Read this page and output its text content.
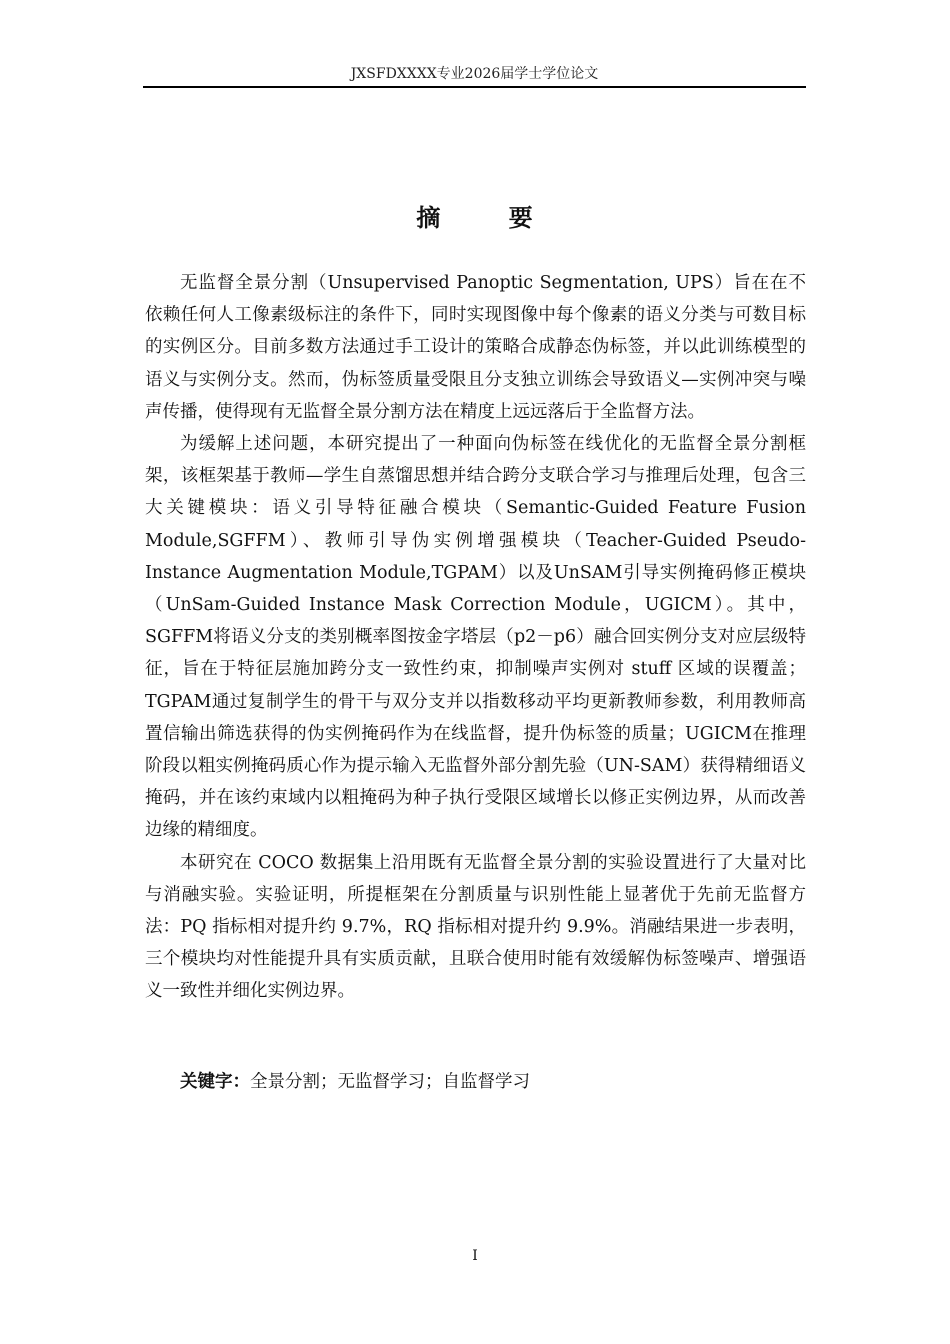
JXSFDXXXX专业2026届学士学位论文
摘 要

无监督全景分割（Unsupervised Panoptic Segmentation, UPS）旨在在不依赖任何人工像素级标注的条件下，同时实现图像中每个像素的语义分类与可数目标的实例区分。目前多数方法通过手工设计的策略合成静态伪标签，并以此训练模型的语义与实例分支。然而，伪标签质量受限且分支独立训练会导致语义—实例冲突与噪声传播，使得现有无监督全景分割方法在精度上远远落后于全监督方法。

为缓解上述问题，本研究提出了一种面向伪标签在线优化的无监督全景分割框架，该框架基于教师—学生自蒸馏思想并结合跨分支联合学习与推理后处理，包含三大关键模块：语义引导特征融合模块（Semantic-Guided Feature Fusion Module,SGFFM）、教师引导伪实例增强模块（Teacher-Guided Pseudo-Instance Augmentation Module,TGPAM）以及UnSAM引导实例掩码修正模块（UnSam-Guided Instance Mask Correction Module，UGICM）。其中，SGFFM将语义分支的类别概率图按金字塔层（p2－p6）融合回实例分支对应层级特征，旨在于特征层施加跨分支一致性约束，抑制噪声实例对 stuff 区域的误覆盖；TGPAM通过复制学生的骨干与双分支并以指数移动平均更新教师参数，利用教师高置信输出筛选获得的伪实例掩码作为在线监督，提升伪标签的质量；UGICM在推理阶段以粗实例掩码质心作为提示输入无监督外部分割先验（UN-SAM）获得精细语义掩码，并在该约束域内以粗掩码为种子执行受限区域增长以修正实例边界，从而改善边缘的精细度。

本研究在 COCO 数据集上沿用既有无监督全景分割的实验设置进行了大量对比与消融实验。实验证明，所提框架在分割质量与识别性能上显著优于先前无监督方法：PQ 指标相对提升约 9.7%，RQ 指标相对提升约 9.9%。消融结果进一步表明，三个模块均对性能提升具有实质贡献，且联合使用时能有效缓解伪标签噪声、增强语义一致性并细化实例边界。

关键字：全景分割；无监督学习；自监督学习
I
